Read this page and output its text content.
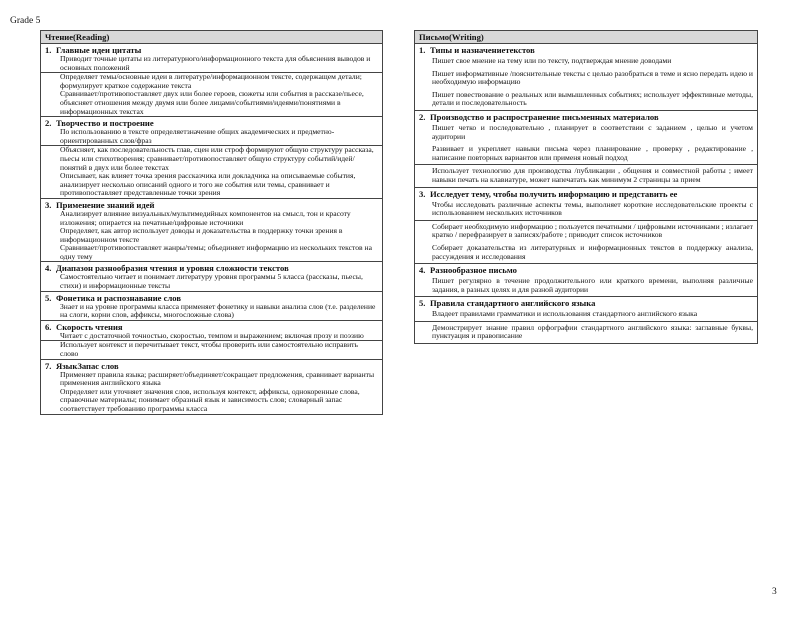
Grade 5
Чтение(Reading)
1. Главные идеи цитаты
Приводит точные цитаты из литературного/информационного текста для объяснения выводов и основных положений
Определяет темы/основные идеи в литературе/информационном тексте, содержащем детали; формулирует краткое содержание текста
Сравнивает/противопоставляет двух или более героев, сюжеты или события в рассказе/пьесе, объясняет отношения между двумя или более лицами/событиями/идеями/понятиями в информационных текстах
2. Творчество и построение
По использованию в тексте определяетзначение общих академических и предметно-ориентированных слов/фраз
Объясняет, как последовательность глав, сцен или строф формируют общую структуру рассказа, пьесы или стихотворения; сравнивает/противопоставляет общую структуру событий/идей/понятий в двух или более текстах
Описывает, как влияет точка зрения рассказчика или докладчика на описываемые события, анализирует несколько описаний одного и того же события или темы, сравнивает и противопоставляет представленные точки зрения
3. Применение знаний идей
Анализирует влияние визуальных/мультимедийных компонентов на смысл, тон и красоту изложения; опирается на печатные/цифровые источники
Определяет, как автор использует доводы и доказательства в поддержку точки зрения в информационном тексте
Сравнивает/противопоставляет жанры/темы; объединяет информацию из нескольких текстов на одну тему
4. Диапазон разнообразия чтения и уровня сложности текстов
Самостоятельно читает и понимает литературу уровня программы 5 класса (рассказы, пьесы, стихи) и информационные тексты
5. Фонетика и распознавание слов
Знает и на уровне программы класса применяет фонетику и навыки анализа слов (т.е. разделение на слоги, корни слов, аффиксы, многосложные слова)
6. Скорость чтения
Читает с достаточной точностью, скоростью, темпом и выражением; включая прозу и поэзию
Использует контекст и перечитывает текст, чтобы проверить или самостоятельно исправить слово
7. ЯзыкЗапас слов
Применяет правила языка; расширяет/объединяет/сокращает предложения, сравнивает варианты применения английского языка
Определяет или уточняет значения слов, используя контекст, аффиксы, однокоренные слова, справочные материалы; понимает образный язык и зависимость слов; словарный запас соответствует требованию программы класса
Письмо(Writing)
1. Типы и назначениетекстов
Пишет свое мнение на тему или по тексту, подтверждая мнение доводами
Пишет информативные /пояснительные тексты с целью разобраться в теме и ясно передать идею и необходимую информацию
Пишет повествование о реальных или вымышленных событиях; использует эффективные методы, детали и последовательность
2. Производство и распространение письменных материалов
Пишет четко и последовательно , планирует в соответствии с заданием , целью и учетом аудитории
Развивает и укрепляет навыки письма через планирование , проверку , редактирование , написание повторных вариантов или применя новый подход
Использует технологию для производства /публикации , общения и совместной работы ; имеет навыки печать на клавиатуре, может напечатать как минимум 2 страницы за прием
3. Исследует тему, чтобы получить информацию и представить ее
Чтобы исследовать различные аспекты темы, выполняет короткие исследовательские проекты с использованием нескольких источников
Собирает необходимую информацию ; пользуется печатными / цифровыми источниками ; излагает кратко / перефразирует в записях/работе ; приводит список источников
Собирает доказательства из литературных и информационных текстов в поддержку анализа, рассуждения и исследования
4. Разнообразное письмо
Пишет регулярно в течение продолжительного или краткого времени, выполняя различные задания, в разных целях и для разной аудитории
5. Правила стандартного английского языка
Владеет правилами грамматики и использования стандартного английского языка
Демонстрирует знание правил орфографии стандартного английского языка: заглавные буквы, пунктуация и правописание
3
